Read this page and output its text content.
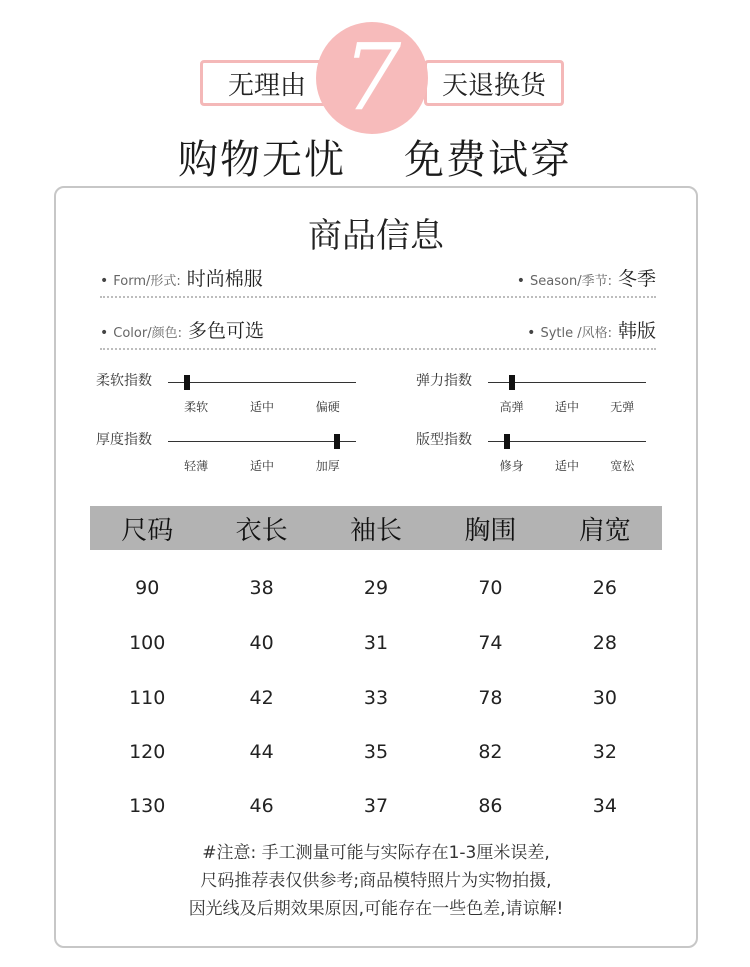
无理由	天退换货
7
购物无忧 免费试穿
商品信息
• Form/形式: 时尚棉服	• Season/季节: 冬季
• Color/颜色: 多色可选	• Sytle /风格: 韩版
柔软指数
柔软	适中	偏硬
弹力指数
高弹	适中	无弹
厚度指数
轻薄	适中	加厚
版型指数
修身	适中	宽松
尺码	衣长	袖长	胸围	肩宽
90	38	29	70	26
100	40	31	74	28
110	42	33	78	30
120	44	35	82	32
130	46	37	86	34
#注意: 手工测量可能与实际存在1-3厘米误差,
尺码推荐表仅供参考;商品模特照片为实物拍摄,
因光线及后期效果原因,可能存在一些色差,请谅解!
